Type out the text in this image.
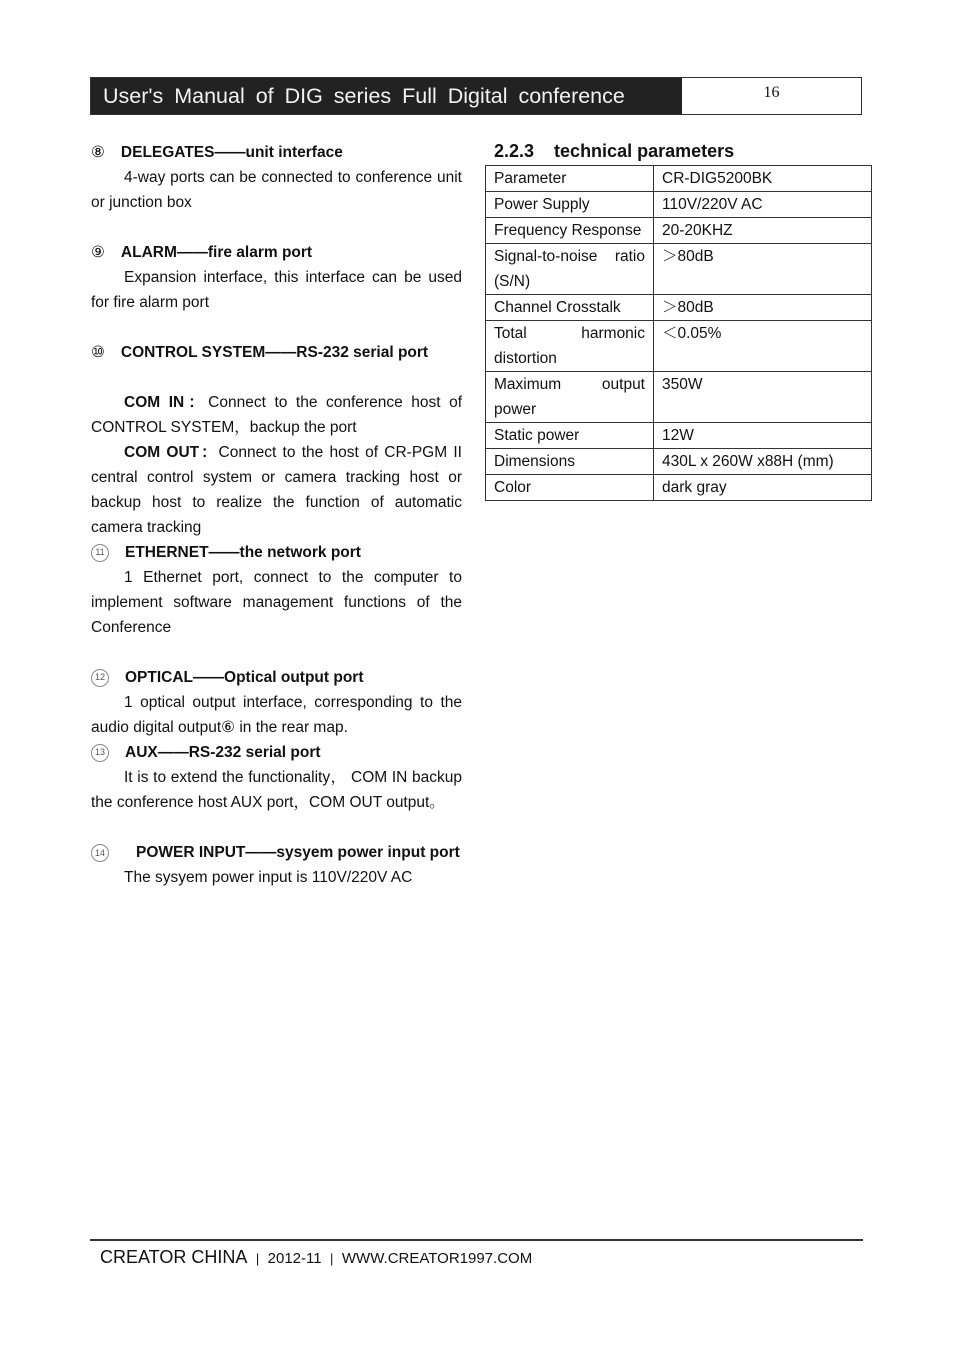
User's Manual of DIG series Full Digital conference	16
⑧ DELEGATES——unit interface
4-way ports can be connected to conference unit or junction box
⑨ ALARM——fire alarm port
Expansion interface, this interface can be used for fire alarm port
⑩ CONTROL SYSTEM——RS-232 serial port
COM IN：Connect to the conference host of CONTROL SYSTEM，backup the port
COM OUT：Connect to the host of CR-PGM II central control system or camera tracking host or backup host to realize the function of automatic camera tracking
11 ETHERNET——the network port
1 Ethernet port, connect to the computer to implement software management functions of the Conference
12 OPTICAL——Optical output port
1 optical output interface, corresponding to the audio digital output⑥ in the rear map.
13 AUX——RS-232 serial port
It is to extend the functionality， COM IN backup the conference host AUX port，COM OUT output。
14	POWER INPUT——sysyem power input port
The sysyem power input is 110V/220V AC
2.2.3 technical parameters
Parameter	CR-DIG5200BK
Power Supply	110V/220V AC
Frequency Response	20-20KHZ
Signal-to-noise ratio (S/N)	＞80dB
Channel Crosstalk	＞80dB
Total harmonic distortion	＜0.05%
Maximum output power	350W
Static power	12W
Dimensions	430L x 260W x88H (mm)
Color	dark gray
CREATOR CHINA | 2012-11 | WWW.CREATOR1997.COM
